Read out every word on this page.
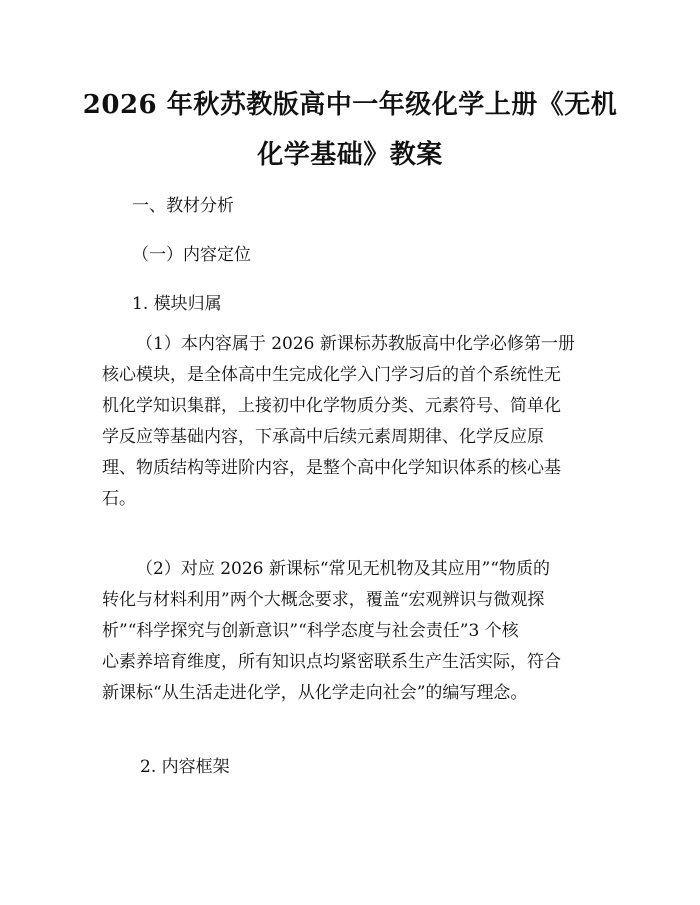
2026 年秋苏教版高中一年级化学上册《无机
化学基础》教案
一、教材分析
（一）内容定位
1. 模块归属
（1）本内容属于 2026 新课标苏教版高中化学必修第一册
核心模块，是全体高中生完成化学入门学习后的首个系统性无
机化学知识集群，上接初中化学物质分类、元素符号、简单化
学反应等基础内容，下承高中后续元素周期律、化学反应原
理、物质结构等进阶内容，是整个高中化学知识体系的核心基
石。
（2）对应 2026 新课标“常见无机物及其应用”“物质的
转化与材料利用”两个大概念要求，覆盖“宏观辨识与微观探
析”“科学探究与创新意识”“科学态度与社会责任”3 个核
心素养培育维度，所有知识点均紧密联系生产生活实际，符合
新课标“从生活走进化学，从化学走向社会”的编写理念。
2. 内容框架
